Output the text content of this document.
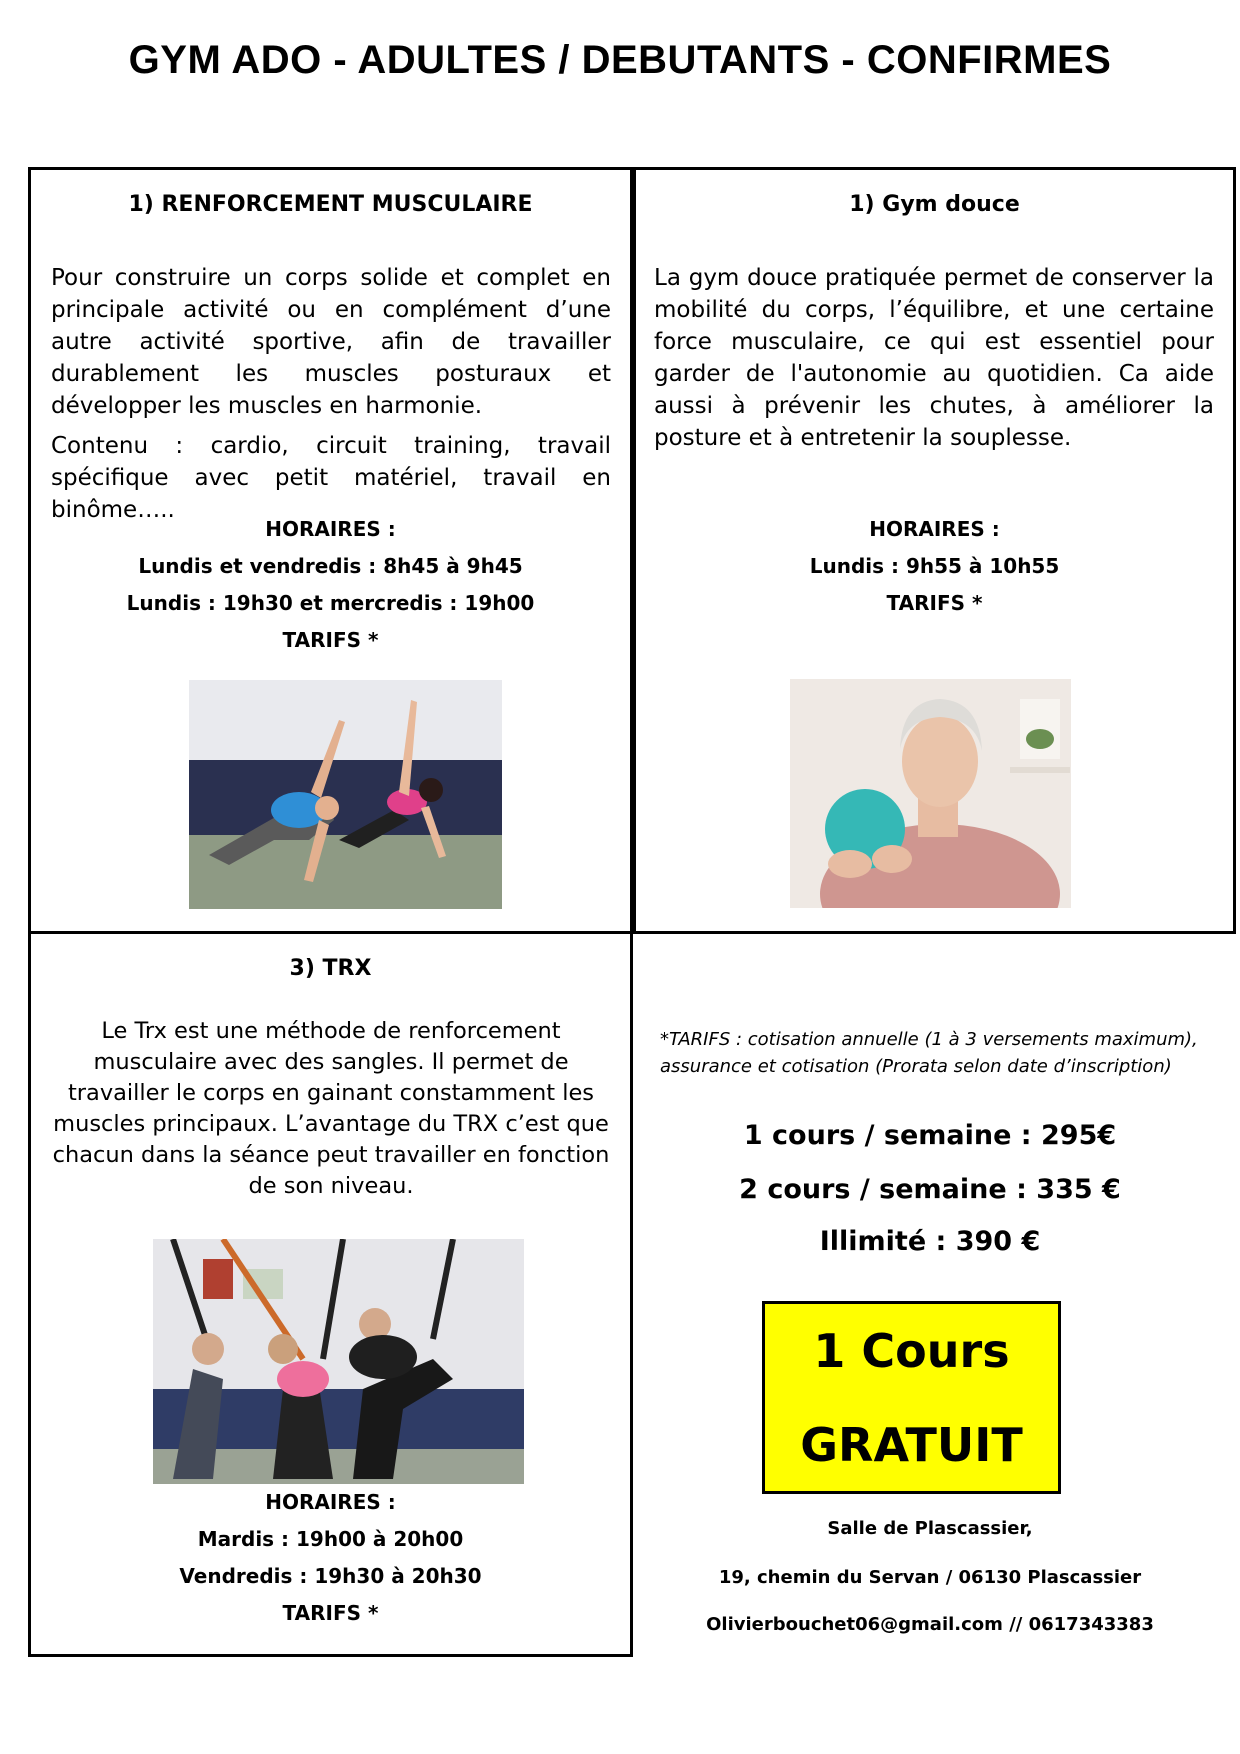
GYM ADO - ADULTES / DEBUTANTS - CONFIRMES
1) RENFORCEMENT MUSCULAIRE

Pour construire un corps solide et complet en principale activité ou en complément d’une autre activité sportive, afin de travailler durablement les muscles posturaux et développer les muscles en harmonie.

Contenu : cardio, circuit training, travail spécifique avec petit matériel, travail en binôme…..

HORAIRES :
Lundis et vendredis : 8h45 à 9h45
Lundis : 19h30 et mercredis : 19h00
TARIFS *
1) Gym douce

La gym douce pratiquée permet de conserver la mobilité du corps, l’équilibre, et une certaine force musculaire, ce qui est essentiel pour garder de l'autonomie au quotidien. Ca aide aussi à prévenir les chutes, à améliorer la posture et à entretenir la souplesse.

HORAIRES :
Lundis : 9h55 à 10h55
TARIFS *
3) TRX

Le Trx est une méthode de renforcement musculaire avec des sangles. Il permet de travailler le corps en gainant constamment les muscles principaux. L’avantage du TRX c’est que chacun dans la séance peut travailler en fonction de son niveau.

HORAIRES :
Mardis : 19h00 à 20h00
Vendredis : 19h30 à 20h30
TARIFS *
*TARIFS : cotisation annuelle (1 à 3 versements maximum), assurance et cotisation (Prorata selon date d’inscription)
1 cours / semaine : 295€
2 cours / semaine : 335 €
Illimité : 390 €
1 Cours
GRATUIT
Salle de Plascassier,
19, chemin du Servan / 06130 Plascassier
Olivierbouchet06@gmail.com // 0617343383
